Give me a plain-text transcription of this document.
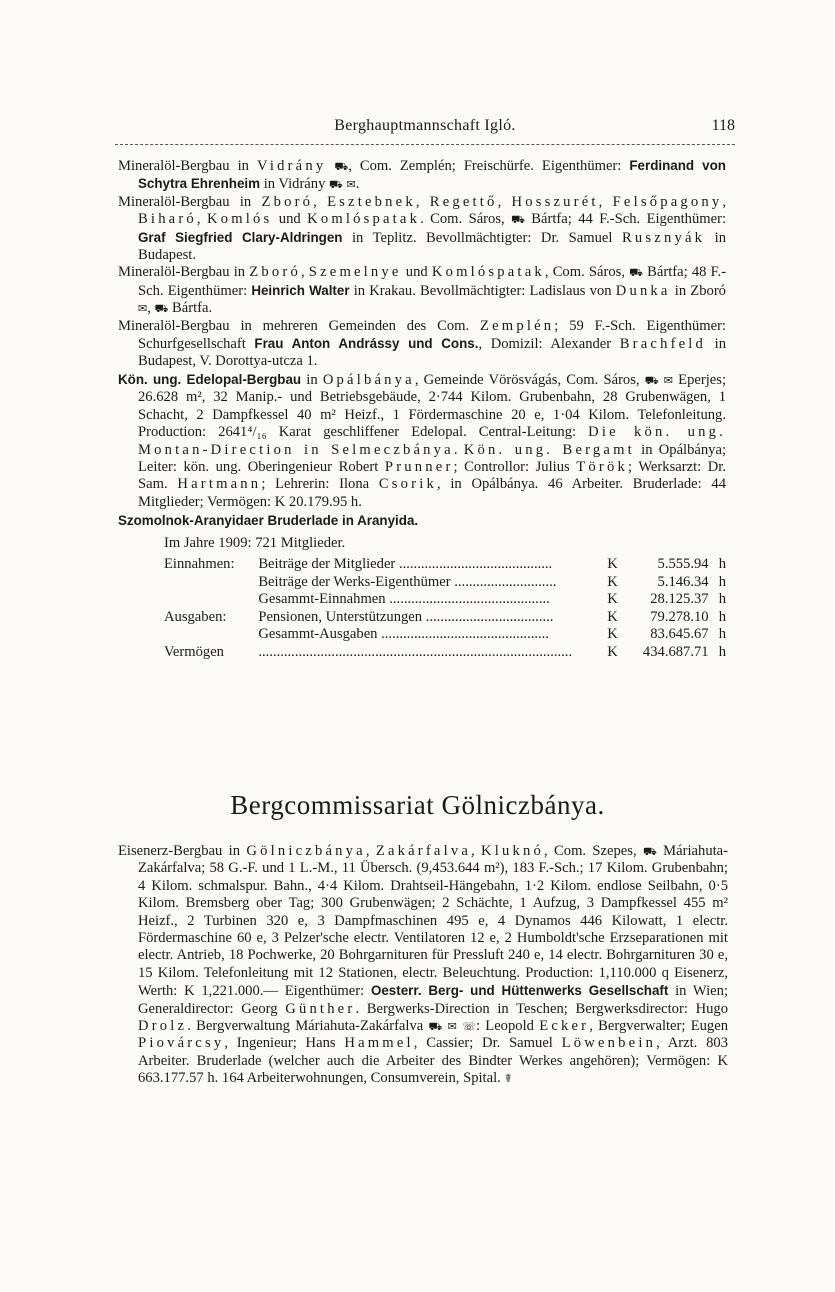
Berghauptmannschaft Igló.	118

Mineralöl-Bergbau in Vidrány ⛟, Com. Zemplén; Freischürfe. Eigenthümer: Ferdinand von Schytra Ehrenheim in Vidrány ⛟ ✉.

Mineralöl-Bergbau in Zboró, Esztebnek, Regettő, Hosszurét, Felsőpagony, Biharó, Komlós und Komlóspatak. Com. Sáros, ⛟ Bártfa; 44 F.-Sch. Eigenthümer: Graf Siegfried Clary-Aldringen in Teplitz. Bevollmächtigter: Dr. Samuel Rusznyák in Budapest.

Mineralöl-Bergbau in Zboró, Szemelnye und Komlóspatak, Com. Sáros, ⛟ Bártfa; 48 F.-Sch. Eigenthümer: Heinrich Walter in Krakau. Bevollmächtigter: Ladislaus von Dunka in Zboró ✉, ⛟ Bártfa.

Mineralöl-Bergbau in mehreren Gemeinden des Com. Zemplén; 59 F.-Sch. Eigenthümer: Schurfgesellschaft Frau Anton Andrássy und Cons., Domizil: Alexander Brachfeld in Budapest, V. Dorottya-utcza 1.

Kön. ung. Edelopal-Bergbau in Opálbánya, Gemeinde Vörösvágás, Com. Sáros, ⛟ ✉ Eperjes; 26.628 m², 32 Manip.- und Betriebsgebäude, 2·744 Kilom. Grubenbahn, 28 Grubenwägen, 1 Schacht, 2 Dampfkessel 40 m² Heizf., 1 Fördermaschine 20 e, 1·04 Kilom. Telefonleitung. Production: 2641⁴/₁₆ Karat geschliffener Edelopal. Central-Leitung: Die kön. ung. Montan-Direction in Selmeczbánya. Kön. ung. Bergamt in Opálbánya; Leiter: kön. ung. Oberingenieur Robert Prunner; Controllor: Julius Török; Werksarzt: Dr. Sam. Hartmann; Lehrerin: Ilona Csorik, in Opálbánya. 46 Arbeiter. Bruderlade: 44 Mitglieder; Vermögen: K 20.179.95 h.

Szomolnok-Aranyidaer Bruderlade in Aranyida.
Im Jahre 1909: 721 Mitglieder.
Einnahmen:	Beiträge der Mitglieder ..........................................	K	5.555.94	h
	Beiträge der Werks-Eigenthümer ............................	K	5.146.34	h
	Gesammt-Einnahmen ............................................	K	28.125.37	h
Ausgaben:	Pensionen, Unterstützungen ...................................	K	79.278.10	h
	Gesammt-Ausgaben ..............................................	K	83.645.67	h
Vermögen	......................................................................................	K	434.687.71	h
Bergcommissariat Gölniczbánya.

Eisenerz-Bergbau in Gölniczbánya, Zakárfalva, Kluknó, Com. Szepes, ⛟ Máriahuta-Zakárfalva; 58 G.-F. und 1 L.-M., 11 Übersch. (9,453.644 m²), 183 F.-Sch.; 17 Kilom. Grubenbahn; 4 Kilom. schmalspur. Bahn., 4·4 Kilom. Drahtseil-Hängebahn, 1·2 Kilom. endlose Seilbahn, 0·5 Kilom. Bremsberg ober Tag; 300 Grubenwägen; 2 Schächte, 1 Aufzug, 3 Dampfkessel 455 m² Heizf., 2 Turbinen 320 e, 3 Dampfmaschinen 495 e, 4 Dynamos 446 Kilowatt, 1 electr. Fördermaschine 60 e, 3 Pelzer'sche electr. Ventilatoren 12 e, 2 Humboldt'sche Erzseparationen mit electr. Antrieb, 18 Pochwerke, 20 Bohrgarnituren für Pressluft 240 e, 14 electr. Bohrgarnituren 30 e, 15 Kilom. Telefonleitung mit 12 Stationen, electr. Beleuchtung. Production: 1,110.000 q Eisenerz, Werth: K 1,221.000.— Eigenthümer: Oesterr. Berg- und Hüttenwerks Gesellschaft in Wien; Generaldirector: Georg Günther. Bergwerks-Direction in Teschen; Bergwerksdirector: Hugo Drolz. Bergverwaltung Máriahuta-Zakárfalva ⛟ ✉ ☏: Leopold Ecker, Bergverwalter; Eugen Piovárcsy, Ingenieur; Hans Hammel, Cassier; Dr. Samuel Löwenbein, Arzt. 803 Arbeiter. Bruderlade (welcher auch die Arbeiter des Bindter Werkes angehören); Vermögen: K 663.177.57 h. 164 Arbeiterwohnungen, Consumverein, Spital. ☤
